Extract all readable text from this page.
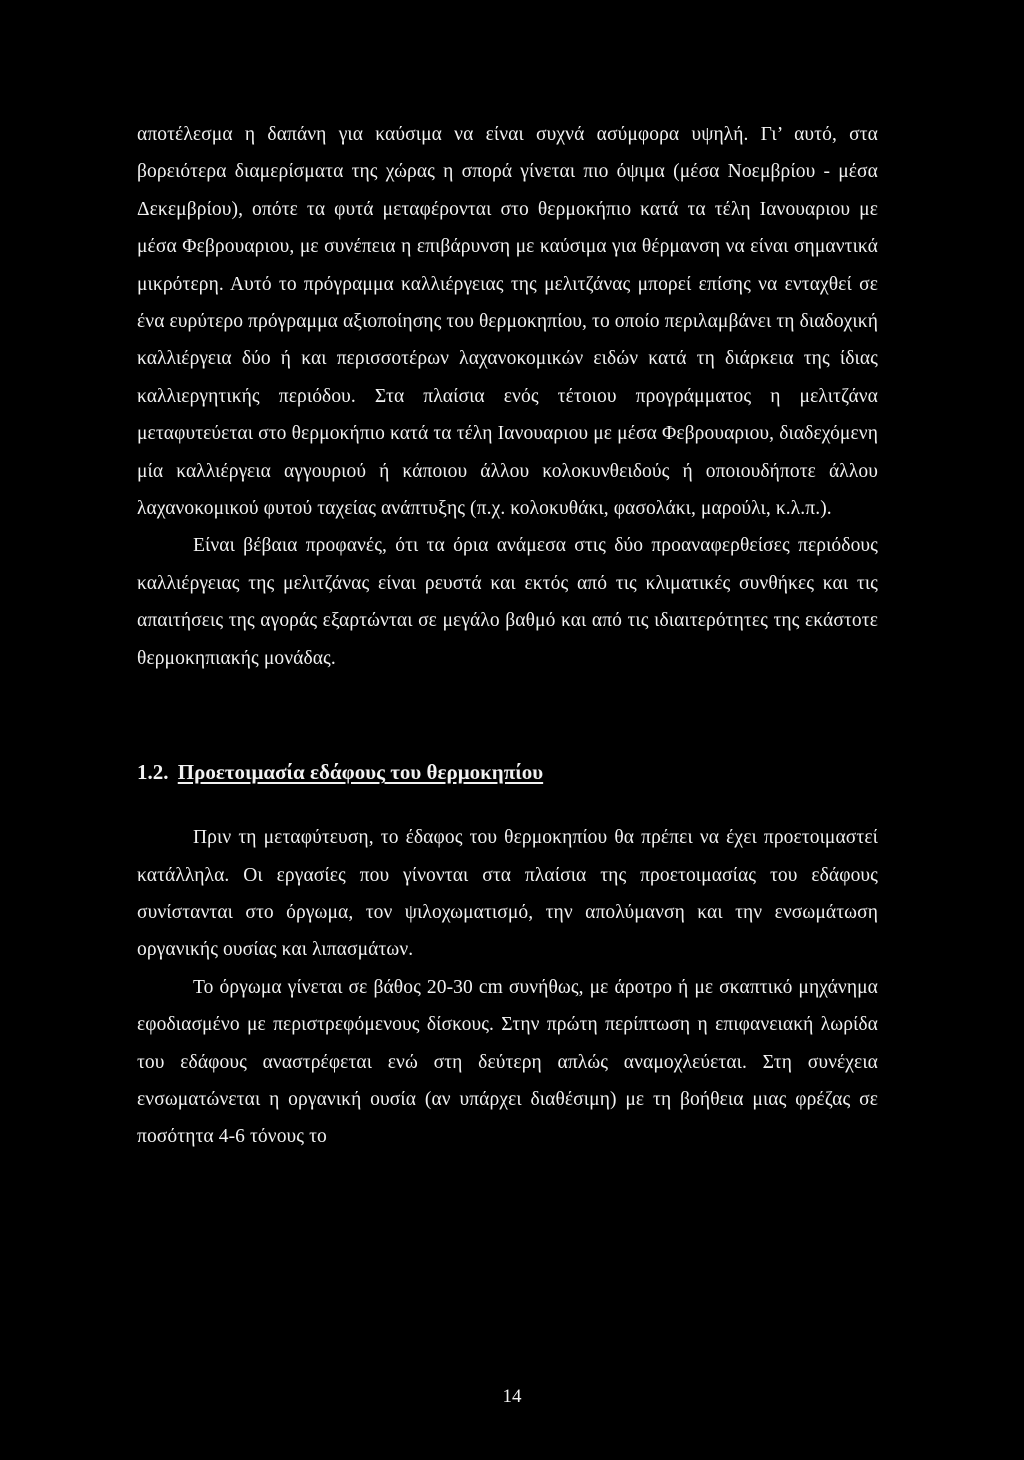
αποτέλεσμα η δαπάνη για καύσιμα να είναι συχνά ασύμφορα υψηλή. Γι’ αυτό, στα βορειότερα διαμερίσματα της χώρας η σπορά γίνεται πιο όψιμα (μέσα Νοεμβρίου - μέσα Δεκεμβρίου), οπότε τα φυτά μεταφέρονται στο θερμοκήπιο κατά τα τέλη Ιανουαριου με μέσα Φεβρουαριου, με συνέπεια η επιβάρυνση με καύσιμα για θέρμανση να είναι σημαντικά μικρότερη. Αυτό το πρόγραμμα καλλιέργειας της μελιτζάνας μπορεί επίσης να ενταχθεί σε ένα ευρύτερο πρόγραμμα αξιοποίησης του θερμοκηπίου, το οποίο περιλαμβάνει τη διαδοχική καλλιέργεια δύο ή και περισσοτέρων λαχανοκομικών ειδών κατά τη διάρκεια της ίδιας καλλιεργητικής περιόδου. Στα πλαίσια ενός τέτοιου προγράμματος η μελιτζάνα μεταφυτεύεται στο θερμοκήπιο κατά τα τέλη Ιανουαριου με μέσα Φεβρουαριου, διαδεχόμενη μία καλλιέργεια αγγουριού ή κάποιου άλλου κολοκυνθειδούς ή οποιουδήποτε άλλου λαχανοκομικού φυτού ταχείας ανάπτυξης (π.χ. κολοκυθάκι, φασολάκι, μαρούλι, κ.λ.π.).

Είναι βέβαια προφανές, ότι τα όρια ανάμεσα στις δύο προαναφερθείσες περιόδους καλλιέργειας της μελιτζάνας είναι ρευστά και εκτός από τις κλιματικές συνθήκες και τις απαιτήσεις της αγοράς εξαρτώνται σε μεγάλο βαθμό και από τις ιδιαιτερότητες της εκάστοτε θερμοκηπιακής μονάδας.

1.2. Προετοιμασία εδάφους του θερμοκηπίου

Πριν τη μεταφύτευση, το έδαφος του θερμοκηπίου θα πρέπει να έχει προετοιμαστεί κατάλληλα. Οι εργασίες που γίνονται στα πλαίσια της προετοιμασίας του εδάφους συνίστανται στο όργωμα, τον ψιλοχωματισμό, την απολύμανση και την ενσωμάτωση οργανικής ουσίας και λιπασμάτων.

Το όργωμα γίνεται σε βάθος 20-30 cm συνήθως, με άροτρο ή με σκαπτικό μηχάνημα εφοδιασμένο με περιστρεφόμενους δίσκους. Στην πρώτη περίπτωση η επιφανειακή λωρίδα του εδάφους αναστρέφεται ενώ στη δεύτερη απλώς αναμοχλεύεται. Στη συνέχεια ενσωματώνεται η οργανική ουσία (αν υπάρχει διαθέσιμη) με τη βοήθεια μιας φρέζας σε ποσότητα 4-6 τόνους το

14
